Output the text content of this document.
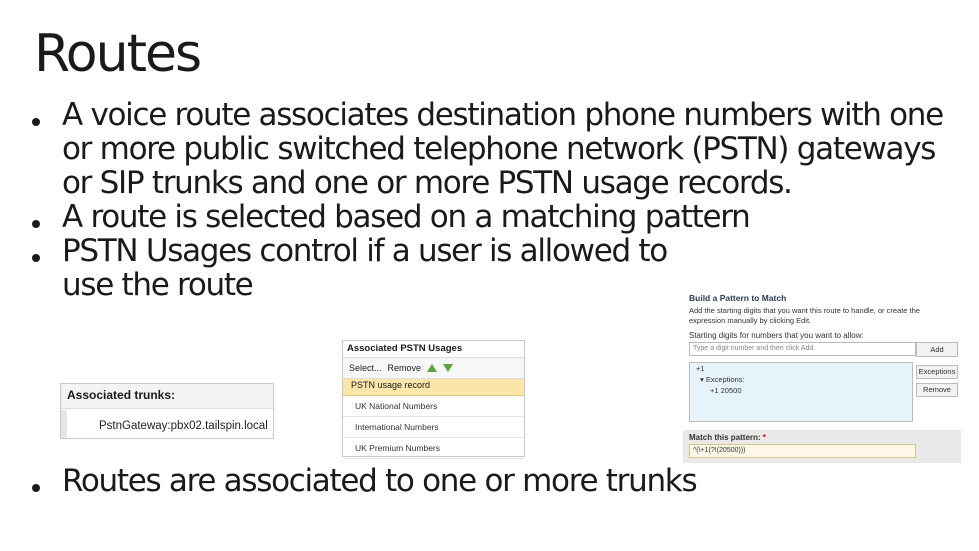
Routes
A voice route associates destination phone numbers with one or more public switched telephone network (PSTN) gateways or SIP trunks and one or more PSTN usage records.
A route is selected based on a matching pattern
PSTN Usages control if a user is allowed to use the route
Routes are associated to one or more trunks
Associated trunks:
PstnGateway:pbx02.tailspin.local
Associated PSTN Usages
Select... Remove
PSTN usage record
UK National Numbers
International Numbers
UK Premium Numbers
Build a Pattern to Match
Add the starting digits that you want this route to handle, or create the expression manually by clicking Edit.
Starting digits for numbers that you want to allow:
Type a digit number and then click Add.	Add
+1
▾ Exceptions:
+1 20500
Exceptions
Remove
Match this pattern: *
^(\+1(?!(20500)))
